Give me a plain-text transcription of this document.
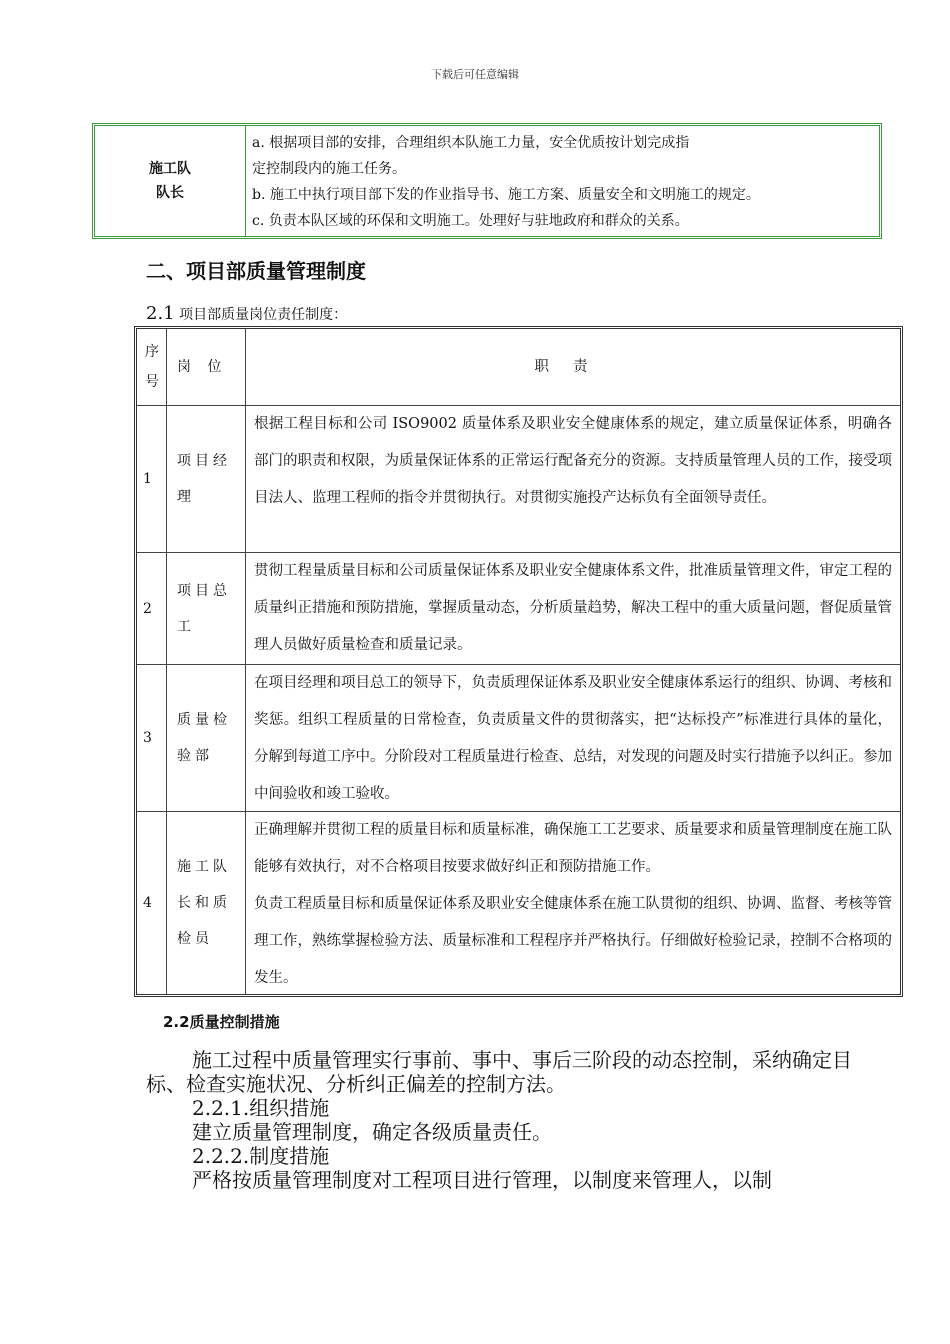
下载后可任意编辑
施工队
队长

a. 根据项目部的安排，合理组织本队施工力量，安全优质按计划完成指

定控制段内的施工任务。

b. 施工中执行项目部下发的作业指导书、施工方案、质量安全和文明施工的规定。

c. 负责本队区域的环保和文明施工。处理好与驻地政府和群众的关系。

二、项目部质量管理制度
2.1 项目部质量岗位责任制度：
序号
岗 位	职责
1
项目经理

根据工程目标和公司 ISO9002 质量体系及职业安全健康体系的规定，建立质量保证体系，明确各部门的职责和权限，为质量保证体系的正常运行配备充分的资源。支持质量管理人员的工作，接受项目法人、监理工程师的指令并贯彻执行。对贯彻实施投产达标负有全面领导责任。

2
项目总工

贯彻工程量质量目标和公司质量保证体系及职业安全健康体系文件，批准质量管理文件，审定工程的质量纠正措施和预防措施，掌握质量动态，分析质量趋势，解决工程中的重大质量问题，督促质量管理人员做好质量检查和质量记录。

3
质量检验部

在项目经理和项目总工的领导下，负责质理保证体系及职业安全健康体系运行的组织、协调、考核和奖惩。组织工程质量的日常检查，负责质量文件的贯彻落实，把“达标投产”标准进行具体的量化，分解到每道工序中。分阶段对工程质量进行检查、总结，对发现的问题及时实行措施予以纠正。参加中间验收和竣工验收。

4
施工队长和质检员

正确理解并贯彻工程的质量目标和质量标准，确保施工工艺要求、质量要求和质量管理制度在施工队能够有效执行，对不合格项目按要求做好纠正和预防措施工作。

负责工程质量目标和质量保证体系及职业安全健康体系在施工队贯彻的组织、协调、监督、考核等管理工作，熟练掌握检验方法、质量标准和工程程序并严格执行。仔细做好检验记录，控制不合格项的发生。

2.2质量控制措施

施工过程中质量管理实行事前、事中、事后三阶段的动态控制，采纳确定目标、检查实施状况、分析纠正偏差的控制方法。

2.2.1.组织措施

建立质量管理制度，确定各级质量责任。

2.2.2.制度措施

严格按质量管理制度对工程项目进行管理，以制度来管理人，以制
